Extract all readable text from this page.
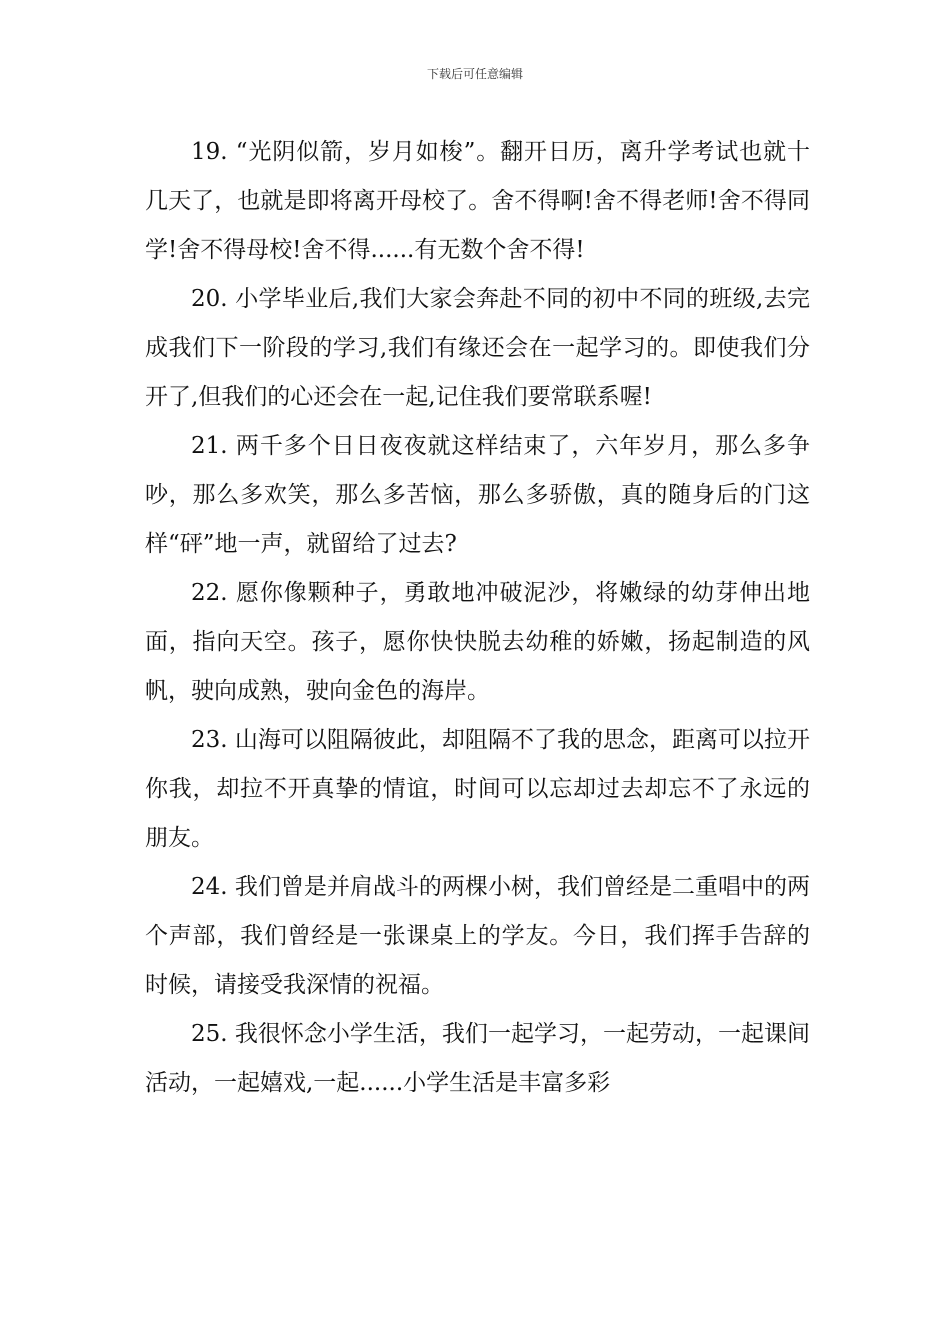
下载后可任意编辑

19. “光阴似箭，岁月如梭”。翻开日历，离升学考试也就十几天了，也就是即将离开母校了。舍不得啊!舍不得老师!舍不得同学!舍不得母校!舍不得......有无数个舍不得!

20. 小学毕业后,我们大家会奔赴不同的初中不同的班级,去完成我们下一阶段的学习,我们有缘还会在一起学习的。即使我们分开了,但我们的心还会在一起,记住我们要常联系喔!

21. 两千多个日日夜夜就这样结束了，六年岁月，那么多争吵，那么多欢笑，那么多苦恼，那么多骄傲，真的随身后的门这样“砰”地一声，就留给了过去?

22. 愿你像颗种子，勇敢地冲破泥沙，将嫩绿的幼芽伸出地面，指向天空。孩子，愿你快快脱去幼稚的娇嫩，扬起制造的风帆，驶向成熟，驶向金色的海岸。

23. 山海可以阻隔彼此，却阻隔不了我的思念，距离可以拉开你我，却拉不开真挚的情谊，时间可以忘却过去却忘不了永远的朋友。

24. 我们曾是并肩战斗的两棵小树，我们曾经是二重唱中的两个声部，我们曾经是一张课桌上的学友。今日，我们挥手告辞的时候，请接受我深情的祝福。

25. 我很怀念小学生活，我们一起学习，一起劳动，一起课间活动，一起嬉戏,一起......小学生活是丰富多彩
